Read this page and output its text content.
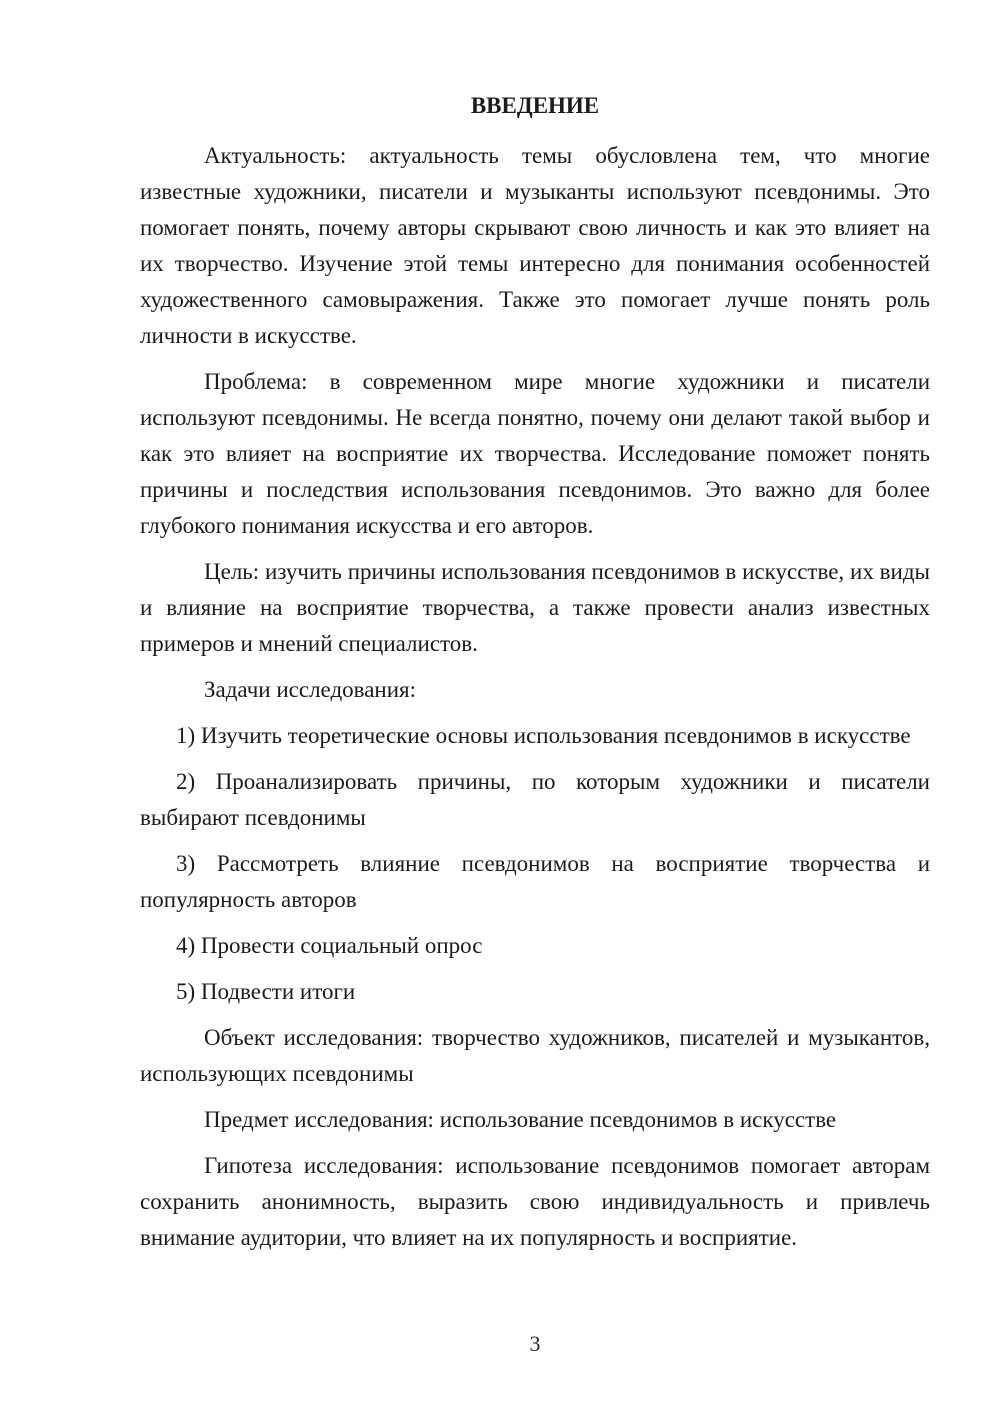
ВВЕДЕНИЕ

Актуальность: актуальность темы обусловлена тем, что многие известные художники, писатели и музыканты используют псевдонимы. Это помогает понять, почему авторы скрывают свою личность и как это влияет на их творчество. Изучение этой темы интересно для понимания особенностей художественного самовыражения. Также это помогает лучше понять роль личности в искусстве.

Проблема: в современном мире многие художники и писатели используют псевдонимы. Не всегда понятно, почему они делают такой выбор и как это влияет на восприятие их творчества. Исследование поможет понять причины и последствия использования псевдонимов. Это важно для более глубокого понимания искусства и его авторов.

Цель: изучить причины использования псевдонимов в искусстве, их виды и влияние на восприятие творчества, а также провести анализ известных примеров и мнений специалистов.

Задачи исследования:

1) Изучить теоретические основы использования псевдонимов в искусстве

2) Проанализировать причины, по которым художники и писатели выбирают псевдонимы

3) Рассмотреть влияние псевдонимов на восприятие творчества и популярность авторов

4) Провести социальный опрос

5) Подвести итоги

Объект исследования: творчество художников, писателей и музыкантов, использующих псевдонимы

Предмет исследования: использование псевдонимов в искусстве

Гипотеза исследования: использование псевдонимов помогает авторам сохранить анонимность, выразить свою индивидуальность и привлечь внимание аудитории, что влияет на их популярность и восприятие.

3
